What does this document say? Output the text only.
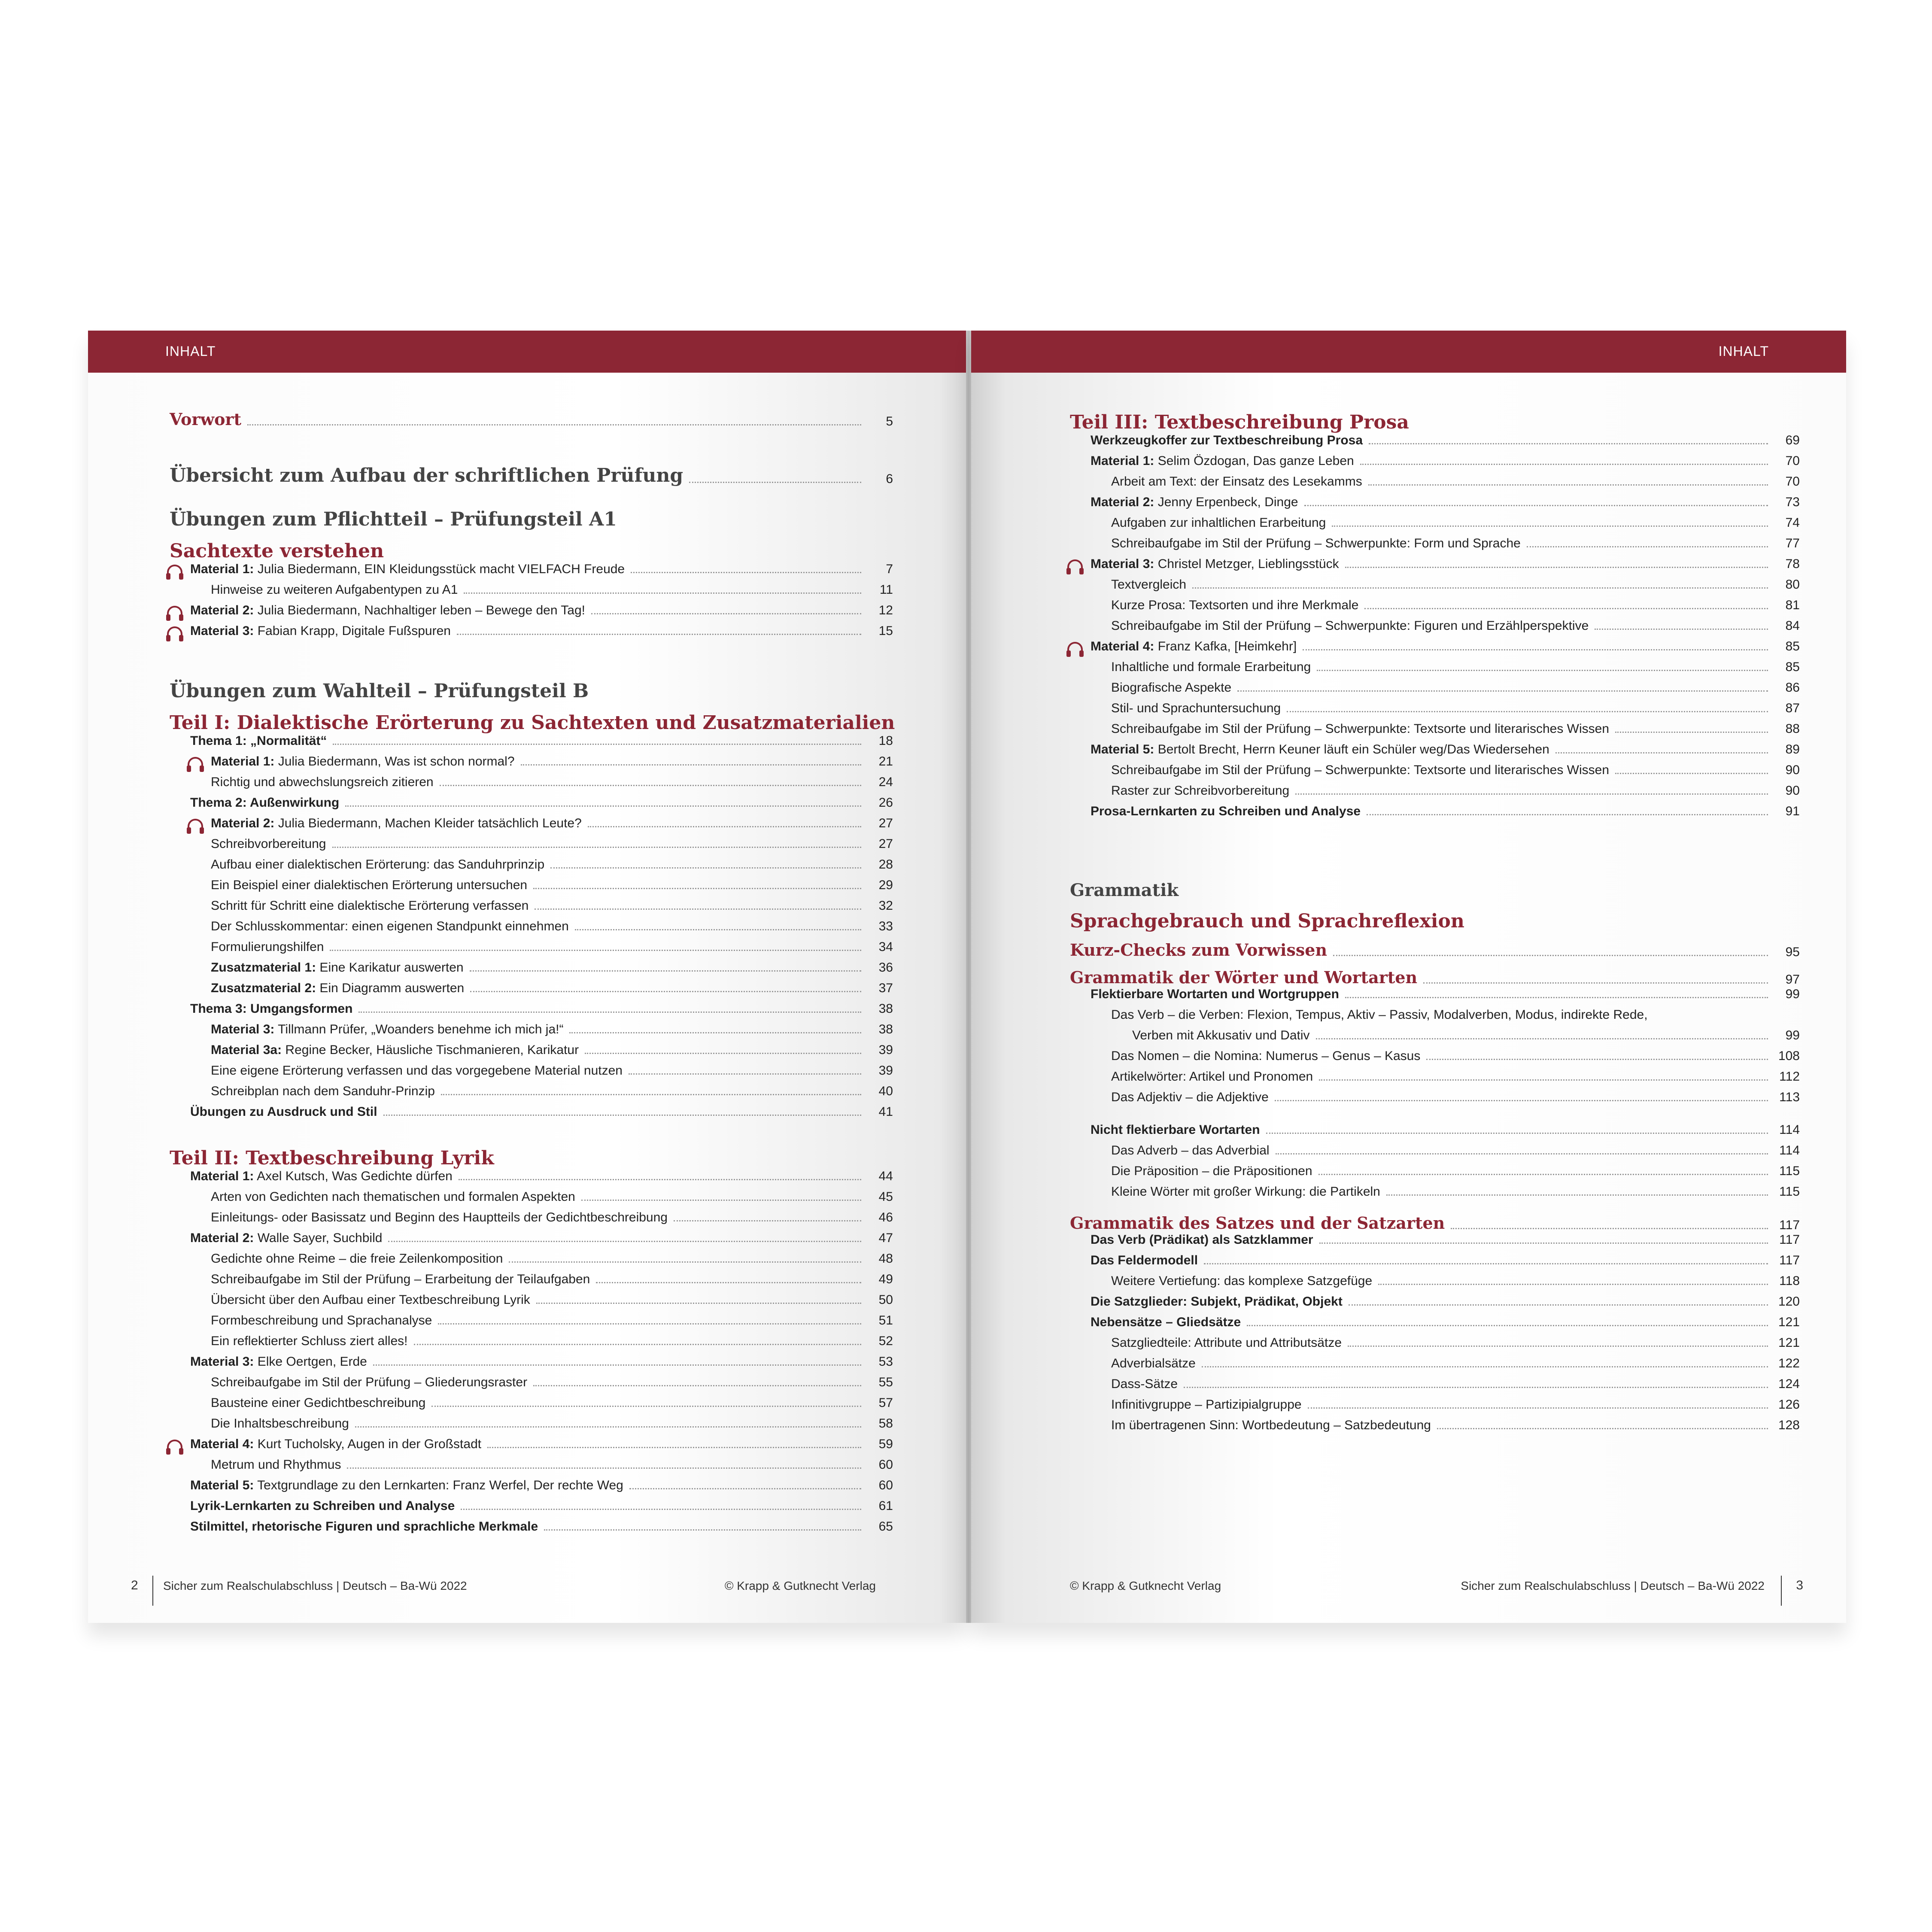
INHALT
Vorwort	5
Übersicht zum Aufbau der schriftlichen Prüfung	6
Übungen zum Pflichtteil – Prüfungsteil A1
Sachtexte verstehen
Material 1: Julia Biedermann, EIN Kleidungsstück macht VIELFACH Freude	7
Hinweise zu weiteren Aufgabentypen zu A1	11
Material 2: Julia Biedermann, Nachhaltiger leben – Bewege den Tag!	12
Material 3: Fabian Krapp, Digitale Fußspuren	15
Übungen zum Wahlteil – Prüfungsteil B
Teil I: Dialektische Erörterung zu Sachtexten und Zusatzmaterialien
Thema 1: „Normalität“	18
Material 1: Julia Biedermann, Was ist schon normal?	21
Richtig und abwechslungsreich zitieren	24
Thema 2: Außenwirkung	26
Material 2: Julia Biedermann, Machen Kleider tatsächlich Leute?	27
Schreibvorbereitung	27
Aufbau einer dialektischen Erörterung: das Sanduhrprinzip	28
Ein Beispiel einer dialektischen Erörterung untersuchen	29
Schritt für Schritt eine dialektische Erörterung verfassen	32
Der Schlusskommentar: einen eigenen Standpunkt einnehmen	33
Formulierungshilfen	34
Zusatzmaterial 1: Eine Karikatur auswerten	36
Zusatzmaterial 2: Ein Diagramm auswerten	37
Thema 3: Umgangsformen	38
Material 3: Tillmann Prüfer, „Woanders benehme ich mich ja!“	38
Material 3a: Regine Becker, Häusliche Tischmanieren, Karikatur	39
Eine eigene Erörterung verfassen und das vorgegebene Material nutzen	39
Schreibplan nach dem Sanduhr-Prinzip	40
Übungen zu Ausdruck und Stil	41
Teil II: Textbeschreibung Lyrik
Material 1: Axel Kutsch, Was Gedichte dürfen	44
Arten von Gedichten nach thematischen und formalen Aspekten	45
Einleitungs- oder Basissatz und Beginn des Hauptteils der Gedichtbeschreibung	46
Material 2: Walle Sayer, Suchbild	47
Gedichte ohne Reime – die freie Zeilenkomposition	48
Schreibaufgabe im Stil der Prüfung – Erarbeitung der Teilaufgaben	49
Übersicht über den Aufbau einer Textbeschreibung Lyrik	50
Formbeschreibung und Sprachanalyse	51
Ein reflektierter Schluss ziert alles!	52
Material 3: Elke Oertgen, Erde	53
Schreibaufgabe im Stil der Prüfung – Gliederungsraster	55
Bausteine einer Gedichtbeschreibung	57
Die Inhaltsbeschreibung	58
Material 4: Kurt Tucholsky, Augen in der Großstadt	59
Metrum und Rhythmus	60
Material 5: Textgrundlage zu den Lernkarten: Franz Werfel, Der rechte Weg	60
Lyrik-Lernkarten zu Schreiben und Analyse	61
Stilmittel, rhetorische Figuren und sprachliche Merkmale	65
2 Sicher zum Realschulabschluss | Deutsch – Ba-Wü 2022	© Krapp & Gutknecht Verlag
INHALT
Teil III: Textbeschreibung Prosa
Werkzeugkoffer zur Textbeschreibung Prosa	69
Material 1: Selim Özdogan, Das ganze Leben	70
Arbeit am Text: der Einsatz des Lesekamms	70
Material 2: Jenny Erpenbeck, Dinge	73
Aufgaben zur inhaltlichen Erarbeitung	74
Schreibaufgabe im Stil der Prüfung – Schwerpunkte: Form und Sprache	77
Material 3: Christel Metzger, Lieblingsstück	78
Textvergleich	80
Kurze Prosa: Textsorten und ihre Merkmale	81
Schreibaufgabe im Stil der Prüfung – Schwerpunkte: Figuren und Erzählperspektive	84
Material 4: Franz Kafka, [Heimkehr]	85
Inhaltliche und formale Erarbeitung	85
Biografische Aspekte	86
Stil- und Sprachuntersuchung	87
Schreibaufgabe im Stil der Prüfung – Schwerpunkte: Textsorte und literarisches Wissen	88
Material 5: Bertolt Brecht, Herrn Keuner läuft ein Schüler weg/Das Wiedersehen	89
Schreibaufgabe im Stil der Prüfung – Schwerpunkte: Textsorte und literarisches Wissen	90
Raster zur Schreibvorbereitung	90
Prosa-Lernkarten zu Schreiben und Analyse	91
Grammatik
Sprachgebrauch und Sprachreflexion
Kurz-Checks zum Vorwissen	95
Grammatik der Wörter und Wortarten	97
Flektierbare Wortarten und Wortgruppen	99
Das Verb – die Verben: Flexion, Tempus, Aktiv – Passiv, Modalverben, Modus, indirekte Rede,
Verben mit Akkusativ und Dativ	99
Das Nomen – die Nomina: Numerus – Genus – Kasus	108
Artikelwörter: Artikel und Pronomen	112
Das Adjektiv – die Adjektive	113
Nicht flektierbare Wortarten	114
Das Adverb – das Adverbial	114
Die Präposition – die Präpositionen	115
Kleine Wörter mit großer Wirkung: die Partikeln	115
Grammatik des Satzes und der Satzarten	117
Das Verb (Prädikat) als Satzklammer	117
Das Feldermodell	117
Weitere Vertiefung: das komplexe Satzgefüge	118
Die Satzglieder: Subjekt, Prädikat, Objekt	120
Nebensätze – Gliedsätze	121
Satzgliedteile: Attribute und Attributsätze	121
Adverbialsätze	122
Dass-Sätze	124
Infinitivgruppe – Partizipialgruppe	126
Im übertragenen Sinn: Wortbedeutung – Satzbedeutung	128
© Krapp & Gutknecht Verlag	Sicher zum Realschulabschluss | Deutsch – Ba-Wü 2022 3
